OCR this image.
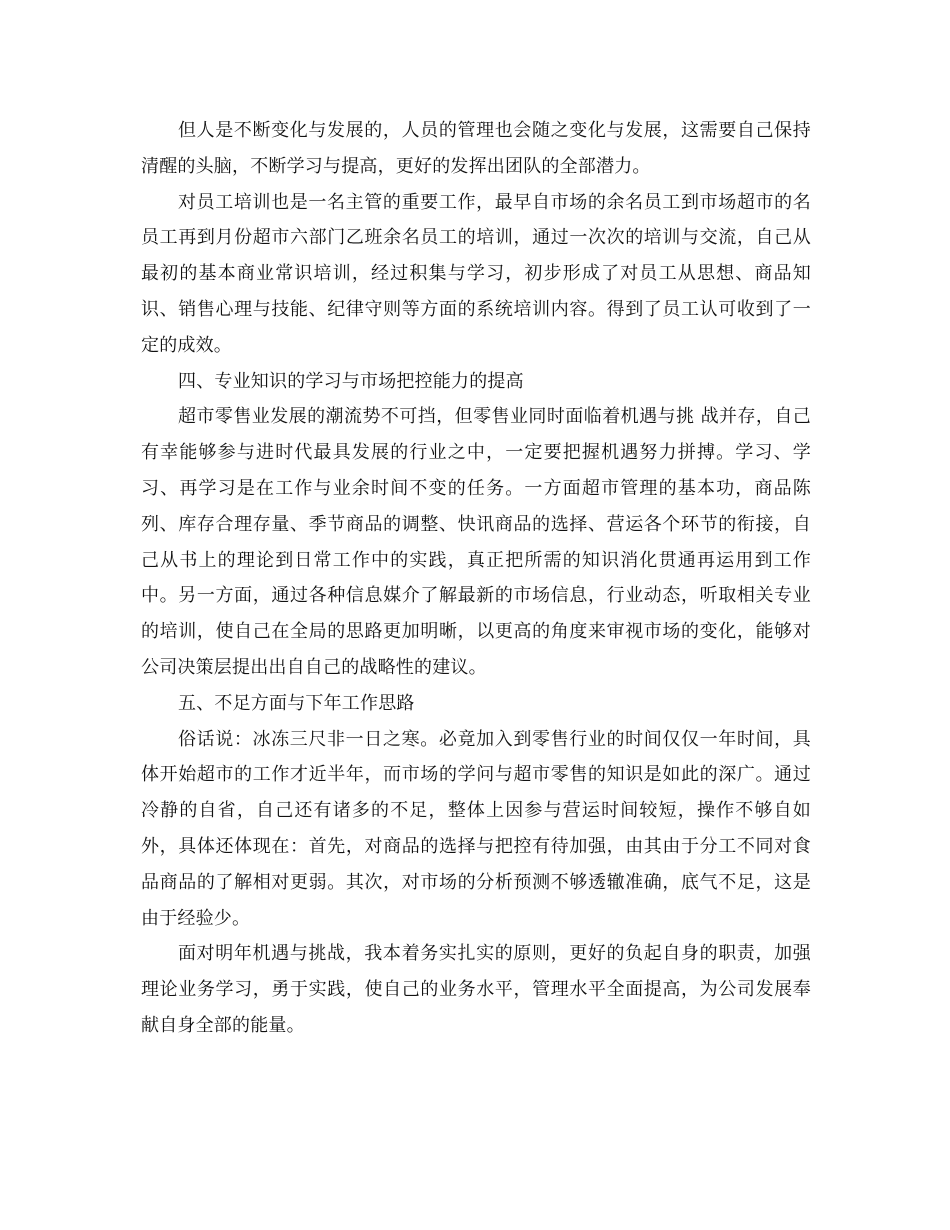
但人是不断变化与发展的，人员的管理也会随之变化与发展，这需要自己保持清醒的头脑，不断学习与提高，更好的发挥出团队的全部潜力。

对员工培训也是一名主管的重要工作，最早自市场的余名员工到市场超市的名员工再到月份超市六部门乙班余名员工的培训，通过一次次的培训与交流，自己从最初的基本商业常识培训，经过积集与学习，初步形成了对员工从思想、商品知识、销售心理与技能、纪律守则等方面的系统培训内容。得到了员工认可收到了一定的成效。

四、专业知识的学习与市场把控能力的提高

超市零售业发展的潮流势不可挡，但零售业同时面临着机遇与挑 战并存，自己有幸能够参与进时代最具发展的行业之中，一定要把握机遇努力拼搏。学习、学习、再学习是在工作与业余时间不变的任务。一方面超市管理的基本功，商品陈列、库存合理存量、季节商品的调整、快讯商品的选择、营运各个环节的衔接，自己从书上的理论到日常工作中的实践，真正把所需的知识消化贯通再运用到工作中。另一方面，通过各种信息媒介了解最新的市场信息，行业动态，听取相关专业的培训，使自己在全局的思路更加明晰，以更高的角度来审视市场的变化，能够对公司决策层提出出自自己的战略性的建议。

五、不足方面与下年工作思路

俗话说：冰冻三尺非一日之寒。必竟加入到零售行业的时间仅仅一年时间，具体开始超市的工作才近半年，而市场的学问与超市零售的知识是如此的深广。通过冷静的自省，自己还有诸多的不足，整体上因参与营运时间较短，操作不够自如外，具体还体现在：首先，对商品的选择与把控有待加强，由其由于分工不同对食品商品的了解相对更弱。其次，对市场的分析预测不够透辙准确，底气不足，这是由于经验少。

面对明年机遇与挑战，我本着务实扎实的原则，更好的负起自身的职责，加强理论业务学习，勇于实践，使自己的业务水平，管理水平全面提高，为公司发展奉献自身全部的能量。
